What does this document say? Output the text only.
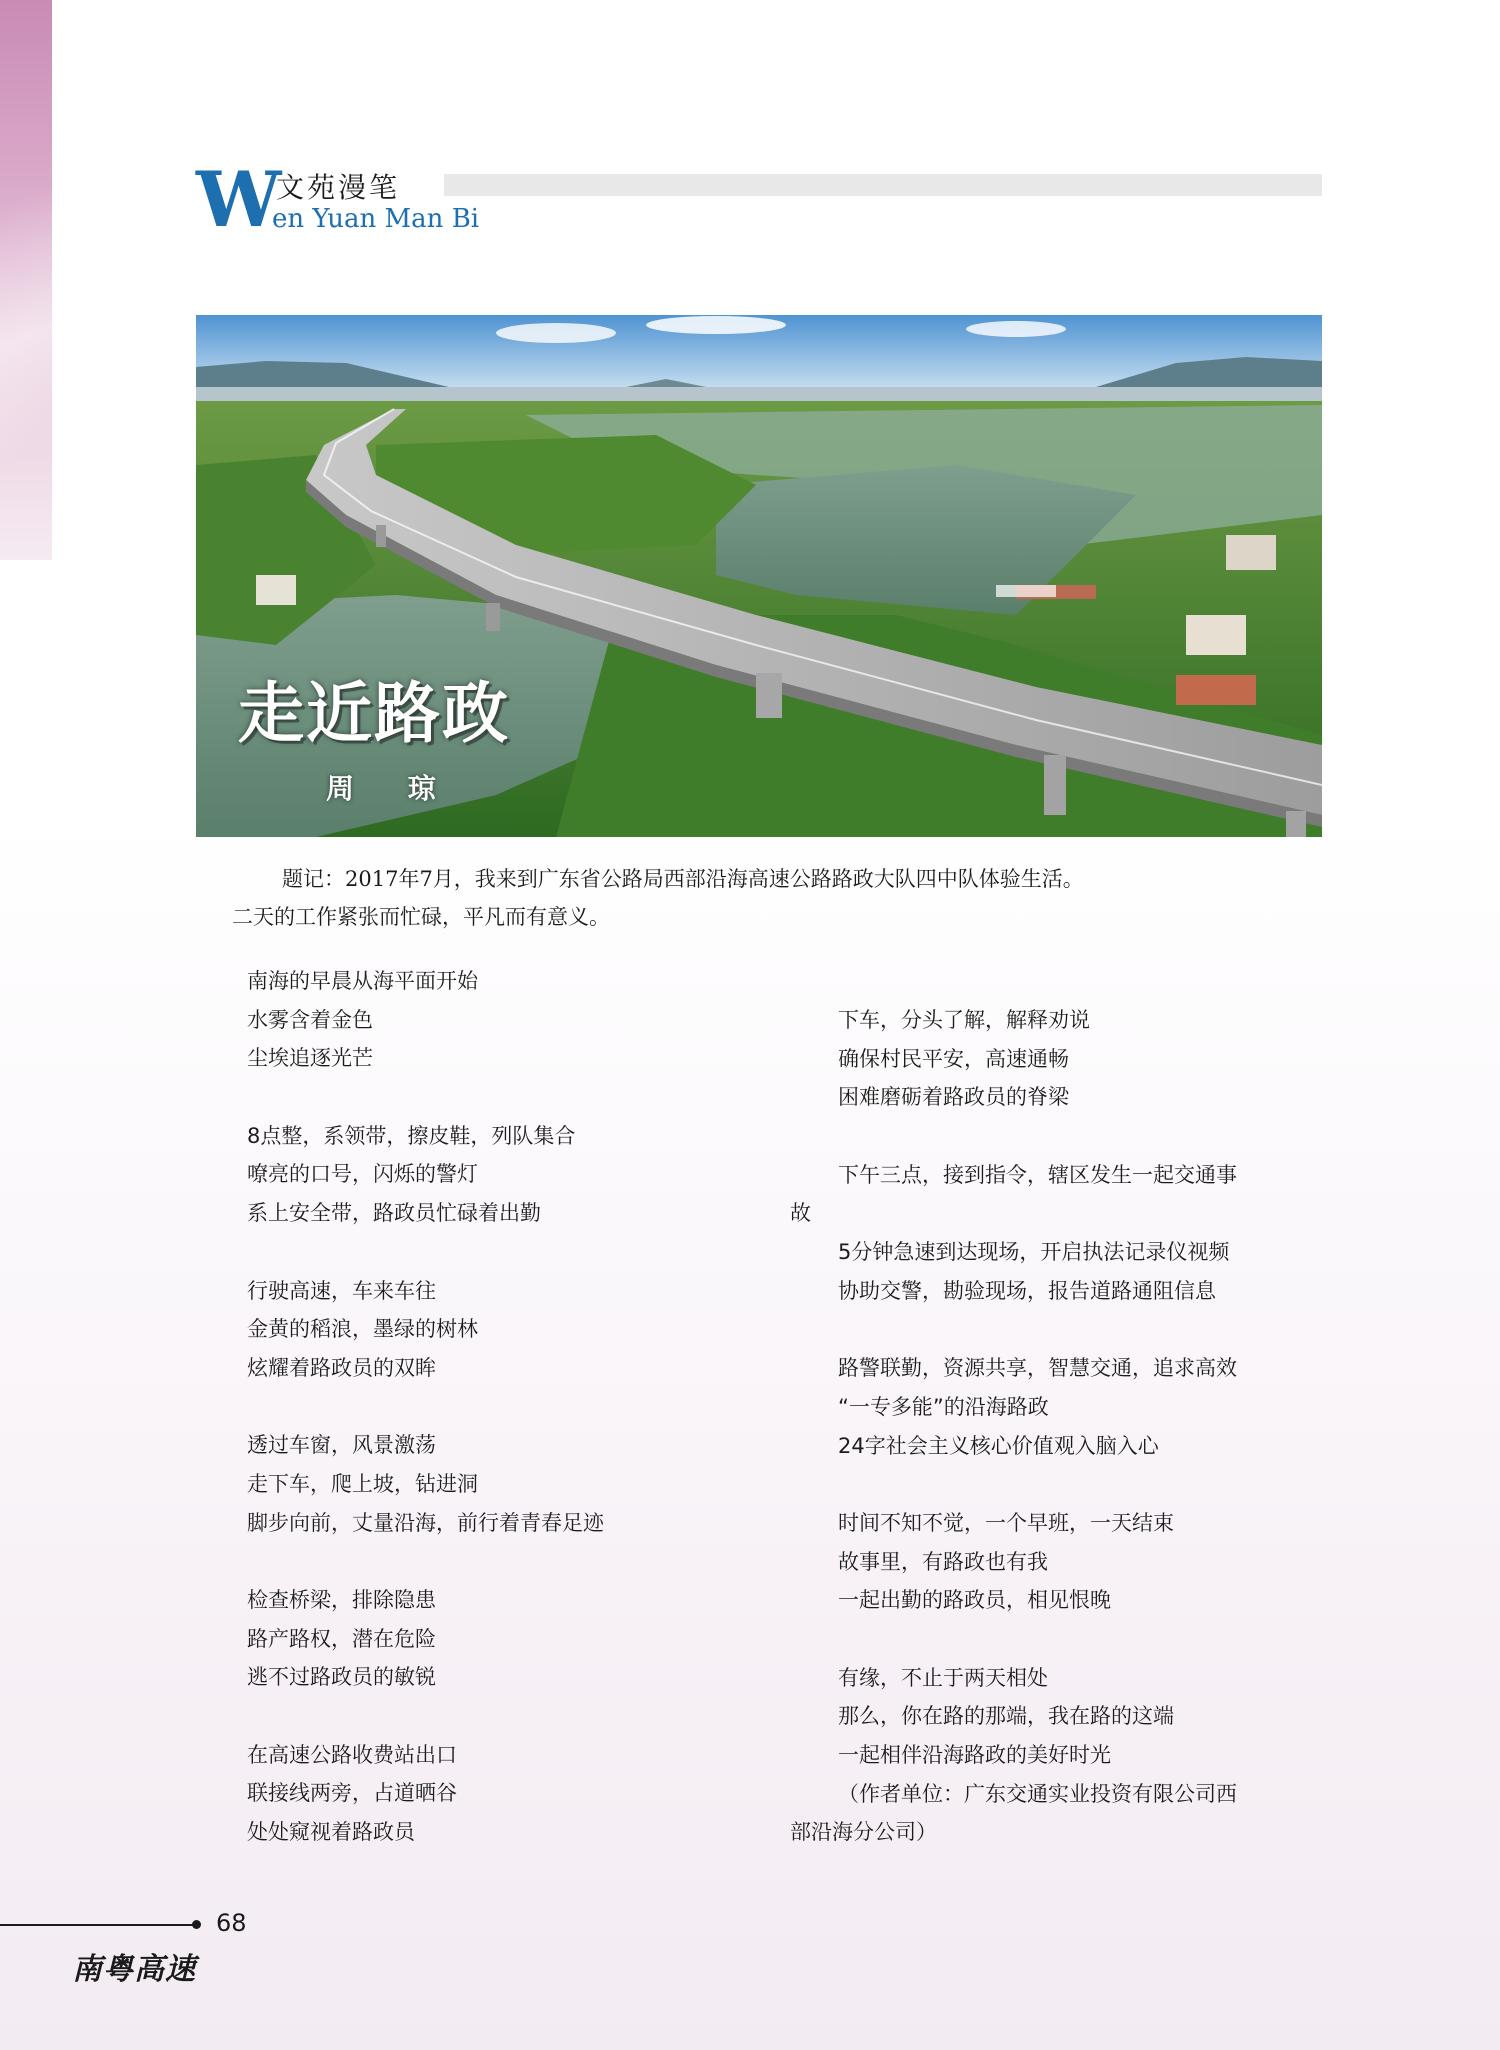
W
文苑漫笔
en Yuan Man Bi
走近路政
周 琼
题记：2017年7月，我来到广东省公路局西部沿海高速公路路政大队四中队体验生活。
二天的工作紧张而忙碌，平凡而有意义。
南海的早晨从海平面开始
水雾含着金色
尘埃追逐光芒
8点整，系领带，擦皮鞋，列队集合
嘹亮的口号，闪烁的警灯
系上安全带，路政员忙碌着出勤
行驶高速，车来车往
金黄的稻浪，墨绿的树林
炫耀着路政员的双眸
透过车窗，风景激荡
走下车，爬上坡，钻进洞
脚步向前，丈量沿海，前行着青春足迹
检查桥梁，排除隐患
路产路权，潜在危险
逃不过路政员的敏锐
在高速公路收费站出口
联接线两旁，占道晒谷
处处窥视着路政员
下车，分头了解，解释劝说
确保村民平安，高速通畅
困难磨砺着路政员的脊梁
下午三点，接到指令，辖区发生一起交通事
故
5分钟急速到达现场，开启执法记录仪视频
协助交警，勘验现场，报告道路通阻信息
路警联勤，资源共享，智慧交通，追求高效
“一专多能”的沿海路政
24字社会主义核心价值观入脑入心
时间不知不觉，一个早班，一天结束
故事里，有路政也有我
一起出勤的路政员，相见恨晚
有缘，不止于两天相处
那么，你在路的那端，我在路的这端
一起相伴沿海路政的美好时光
（作者单位：广东交通实业投资有限公司西
部沿海分公司）
68
南粤高速
